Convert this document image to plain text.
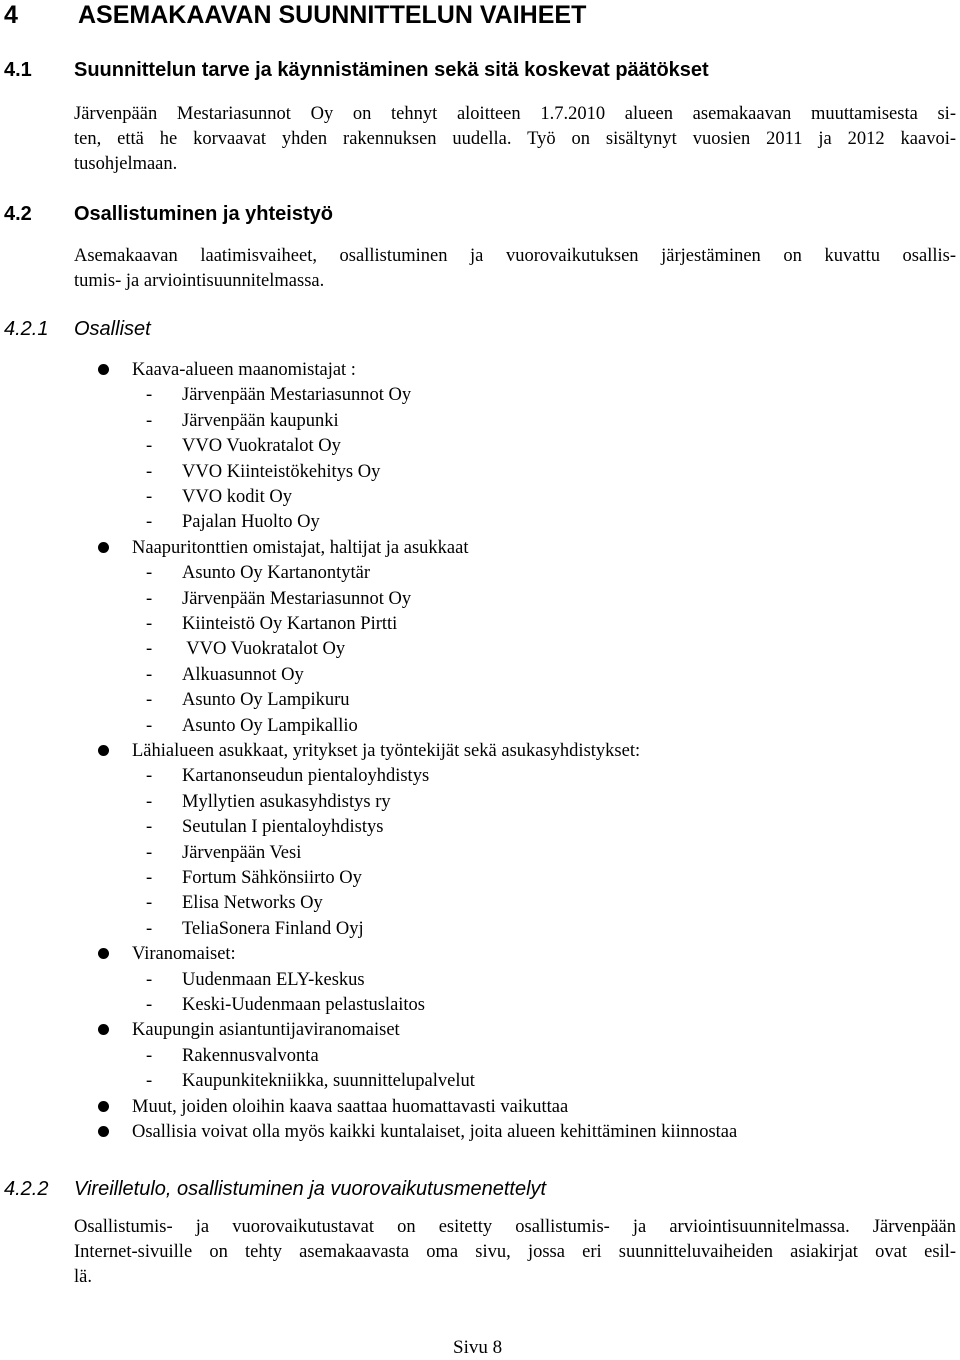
4 ASEMAKAAVAN SUUNNITTELUN VAIHEET
4.1 Suunnittelun tarve ja käynnistäminen sekä sitä koskevat päätökset
Järvenpään Mestariasunnot Oy on tehnyt aloitteen 1.7.2010 alueen asemakaavan muuttamisesta si-
ten, että he korvaavat yhden rakennuksen uudella. Työ on sisältynyt vuosien 2011 ja 2012 kaavoi-
tusohjelmaan.
4.2 Osallistuminen ja yhteistyö
Asemakaavan laatimisvaiheet, osallistuminen ja vuorovaikutuksen järjestäminen on kuvattu osallis-
tumis- ja arviointisuunnitelmassa.
4.2.1 Osalliset
Kaava-alueen maanomistajat :
- Järvenpään Mestariasunnot Oy
- Järvenpään kaupunki
- VVO Vuokratalot Oy
- VVO Kiinteistökehitys Oy
- VVO kodit Oy
- Pajalan Huolto Oy
Naapuritonttien omistajat, haltijat ja asukkaat
- Asunto Oy Kartanontytär
- Järvenpään Mestariasunnot Oy
- Kiinteistö Oy Kartanon Pirtti
- VVO Vuokratalot Oy
- Alkuasunnot Oy
- Asunto Oy Lampikuru
- Asunto Oy Lampikallio
Lähialueen asukkaat, yritykset ja työntekijät sekä asukasyhdistykset:
- Kartanonseudun pientaloyhdistys
- Myllytien asukasyhdistys ry
- Seutulan I pientaloyhdistys
- Järvenpään Vesi
- Fortum Sähkönsiirto Oy
- Elisa Networks Oy
- TeliaSonera Finland Oyj
Viranomaiset:
- Uudenmaan ELY-keskus
- Keski-Uudenmaan pelastuslaitos
Kaupungin asiantuntijaviranomaiset
- Rakennusvalvonta
- Kaupunkitekniikka, suunnittelupalvelut
Muut, joiden oloihin kaava saattaa huomattavasti vaikuttaa
Osallisia voivat olla myös kaikki kuntalaiset, joita alueen kehittäminen kiinnostaa
4.2.2 Vireilletulo, osallistuminen ja vuorovaikutusmenettelyt
Osallistumis- ja vuorovaikutustavat on esitetty osallistumis- ja arviointisuunnitelmassa. Järvenpään
Internet-sivuille on tehty asemakaavasta oma sivu, jossa eri suunnitteluvaiheiden asiakirjat ovat esil-
lä.
Sivu 8
